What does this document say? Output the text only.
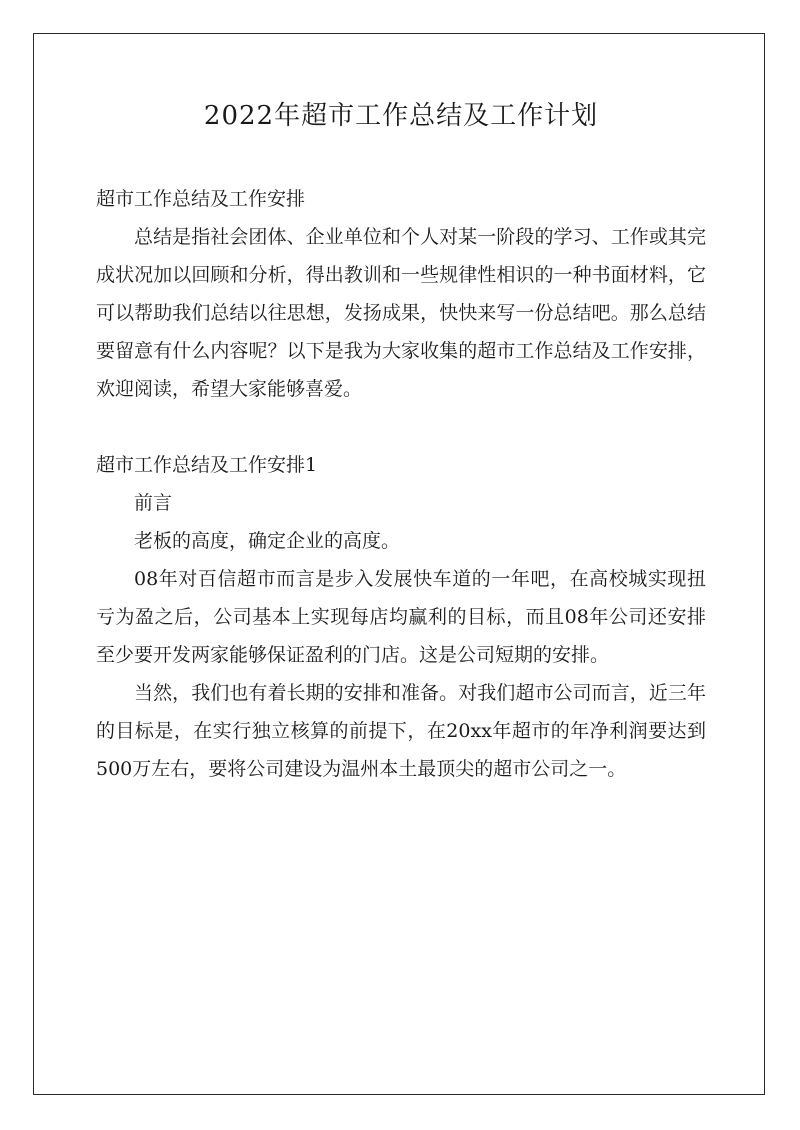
2022年超市工作总结及工作计划
超市工作总结及工作安排

总结是指社会团体、企业单位和个人对某一阶段的学习、工作或其完成状况加以回顾和分析，得出教训和一些规律性相识的一种书面材料，它可以帮助我们总结以往思想，发扬成果，快快来写一份总结吧。那么总结要留意有什么内容呢？以下是我为大家收集的超市工作总结及工作安排，欢迎阅读，希望大家能够喜爱。

超市工作总结及工作安排1

前言

老板的高度，确定企业的高度。

08年对百信超市而言是步入发展快车道的一年吧，在高校城实现扭亏为盈之后，公司基本上实现每店均赢利的目标，而且08年公司还安排至少要开发两家能够保证盈利的门店。这是公司短期的安排。

当然，我们也有着长期的安排和准备。对我们超市公司而言，近三年的目标是，在实行独立核算的前提下，在20xx年超市的年净利润要达到500万左右，要将公司建设为温州本土最顶尖的超市公司之一。
